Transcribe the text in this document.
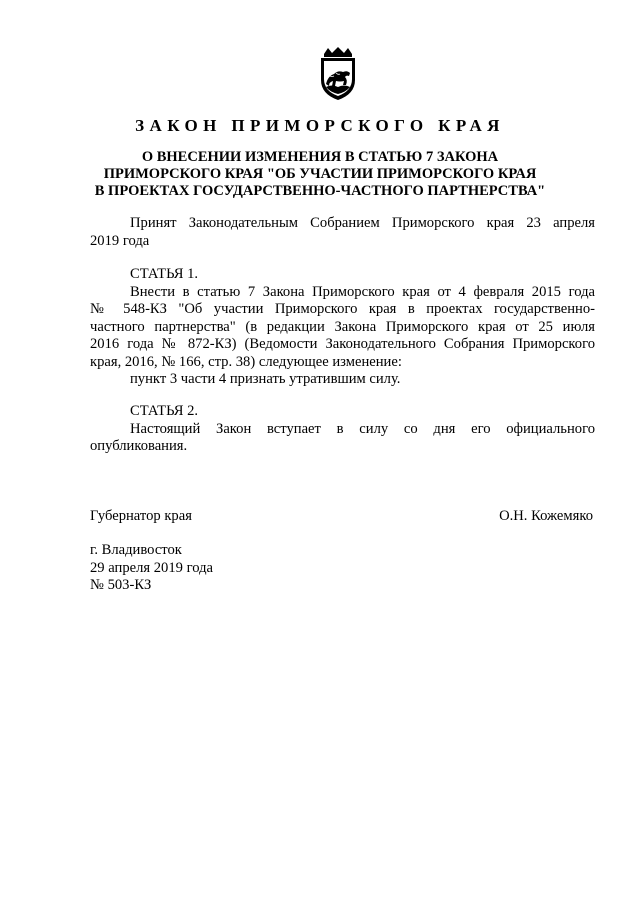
ЗАКОН ПРИМОРСКОГО КРАЯ
О ВНЕСЕНИИ ИЗМЕНЕНИЯ В СТАТЬЮ 7 ЗАКОНА
ПРИМОРСКОГО КРАЯ "ОБ УЧАСТИИ ПРИМОРСКОГО КРАЯ
В ПРОЕКТАХ ГОСУДАРСТВЕННО-ЧАСТНОГО ПАРТНЕРСТВА"
Принят Законодательным Собранием Приморского края 23 апреля
2019 года
СТАТЬЯ 1.
Внести в статью 7 Закона Приморского края от 4 февраля 2015 года
№ 548-КЗ "Об участии Приморского края в проектах государственно-
частного партнерства" (в редакции Закона Приморского края от 25 июля
2016 года № 872-КЗ) (Ведомости Законодательного Собрания Приморского
края, 2016, № 166, стр. 38) следующее изменение:
пункт 3 части 4 признать утратившим силу.
СТАТЬЯ 2.
Настоящий Закон вступает в силу со дня его официального
опубликования.
Губернатор края	О.Н. Кожемяко
г. Владивосток
29 апреля 2019 года
№ 503-КЗ
